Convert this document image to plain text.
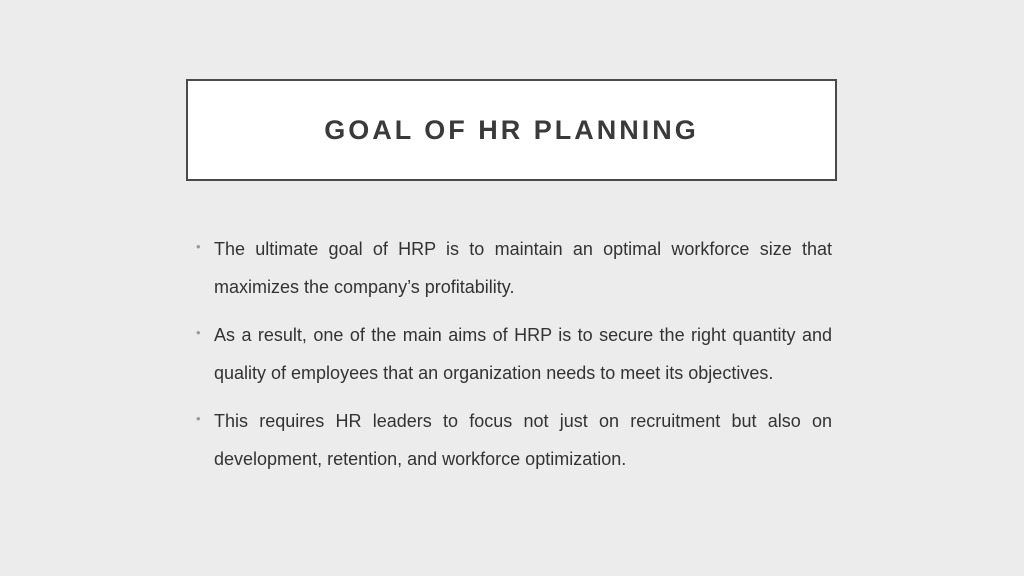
GOAL OF HR PLANNING
• The ultimate goal of HRP is to maintain an optimal workforce size that maximizes the company’s profitability.
• As a result, one of the main aims of HRP is to secure the right quantity and quality of employees that an organization needs to meet its objectives.
• This requires HR leaders to focus not just on recruitment but also on development, retention, and workforce optimization.
